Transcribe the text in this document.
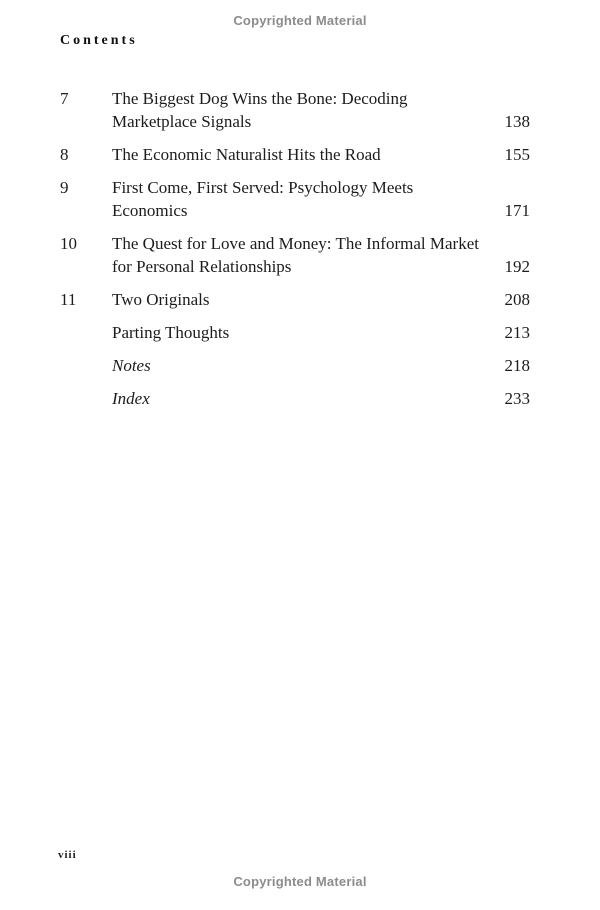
Copyrighted Material
Contents
7	The Biggest Dog Wins the Bone: Decoding Marketplace Signals	138
8	The Economic Naturalist Hits the Road	155
9	First Come, First Served: Psychology Meets Economics	171
10	The Quest for Love and Money: The Informal Market for Personal Relationships	192
11	Two Originals	208
Parting Thoughts	213
Notes	218
Index	233
viii
Copyrighted Material
